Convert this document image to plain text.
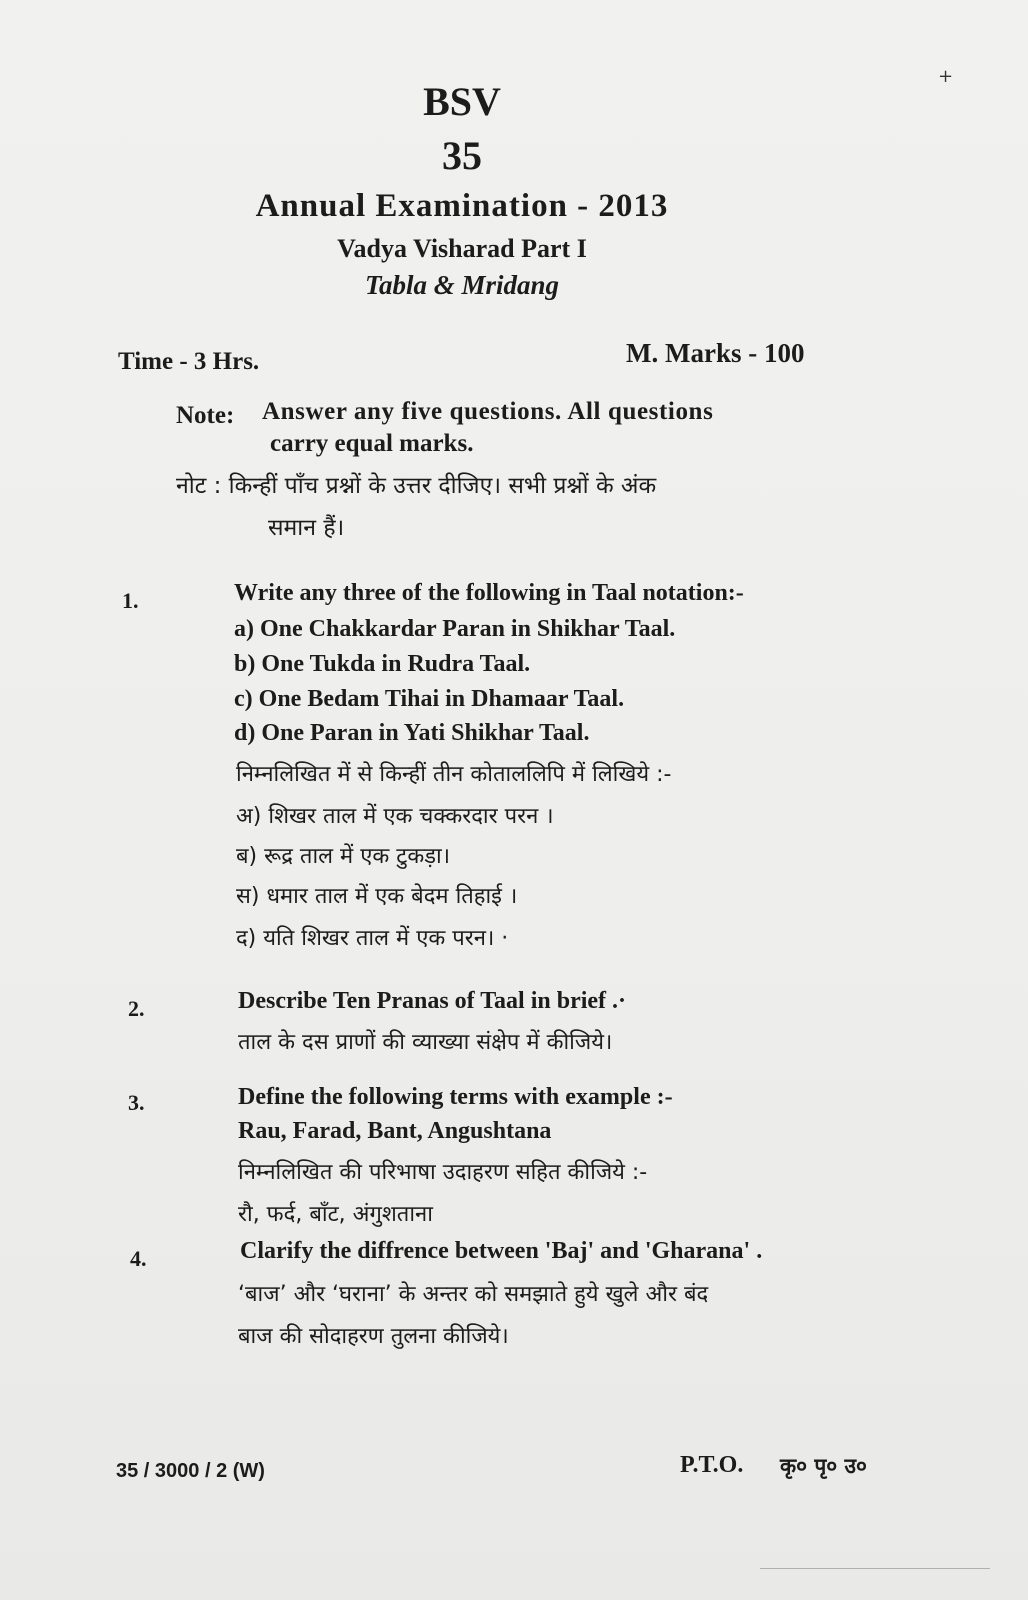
+
BSV
35
Annual Examination - 2013
Vadya Visharad Part I
Tabla & Mridang
Time - 3 Hrs.	M. Marks - 100
Note: Answer any five questions. All questions
carry equal marks.
नोट : किन्हीं पाँच प्रश्नों के उत्तर दीजिए। सभी प्रश्नों के अंक
समान हैं।
1.	Write any three of the following in Taal notation:-
a) One Chakkardar Paran in Shikhar Taal.
b) One Tukda in Rudra Taal.
c) One Bedam Tihai in Dhamaar Taal.
d) One Paran in Yati Shikhar Taal.
निम्नलिखित में से किन्हीं तीन कोताललिपि में लिखिये :-
अ) शिखर ताल में एक चक्करदार परन ।
ब) रूद्र ताल में एक टुकड़ा।
स) धमार ताल में एक बेदम तिहाई ।
द) यति शिखर ताल में एक परन। ·
2.	Describe Ten Pranas of Taal in brief .·
ताल के दस प्राणों की व्याख्या संक्षेप में कीजिये।
3.	Define the following terms with example :-
Rau, Farad, Bant, Angushtana
निम्नलिखित की परिभाषा उदाहरण सहित कीजिये :-
रौ, फर्द, बाँट, अंगुशताना
4.	Clarify the diffrence between 'Baj' and 'Gharana' .
‘बाज’ और ‘घराना’ के अन्तर को समझाते हुये खुले और बंद
बाज की सोदाहरण तुलना कीजिये।
35 / 3000 / 2 (W)	P.T.O. कृ० पृ० उ०
